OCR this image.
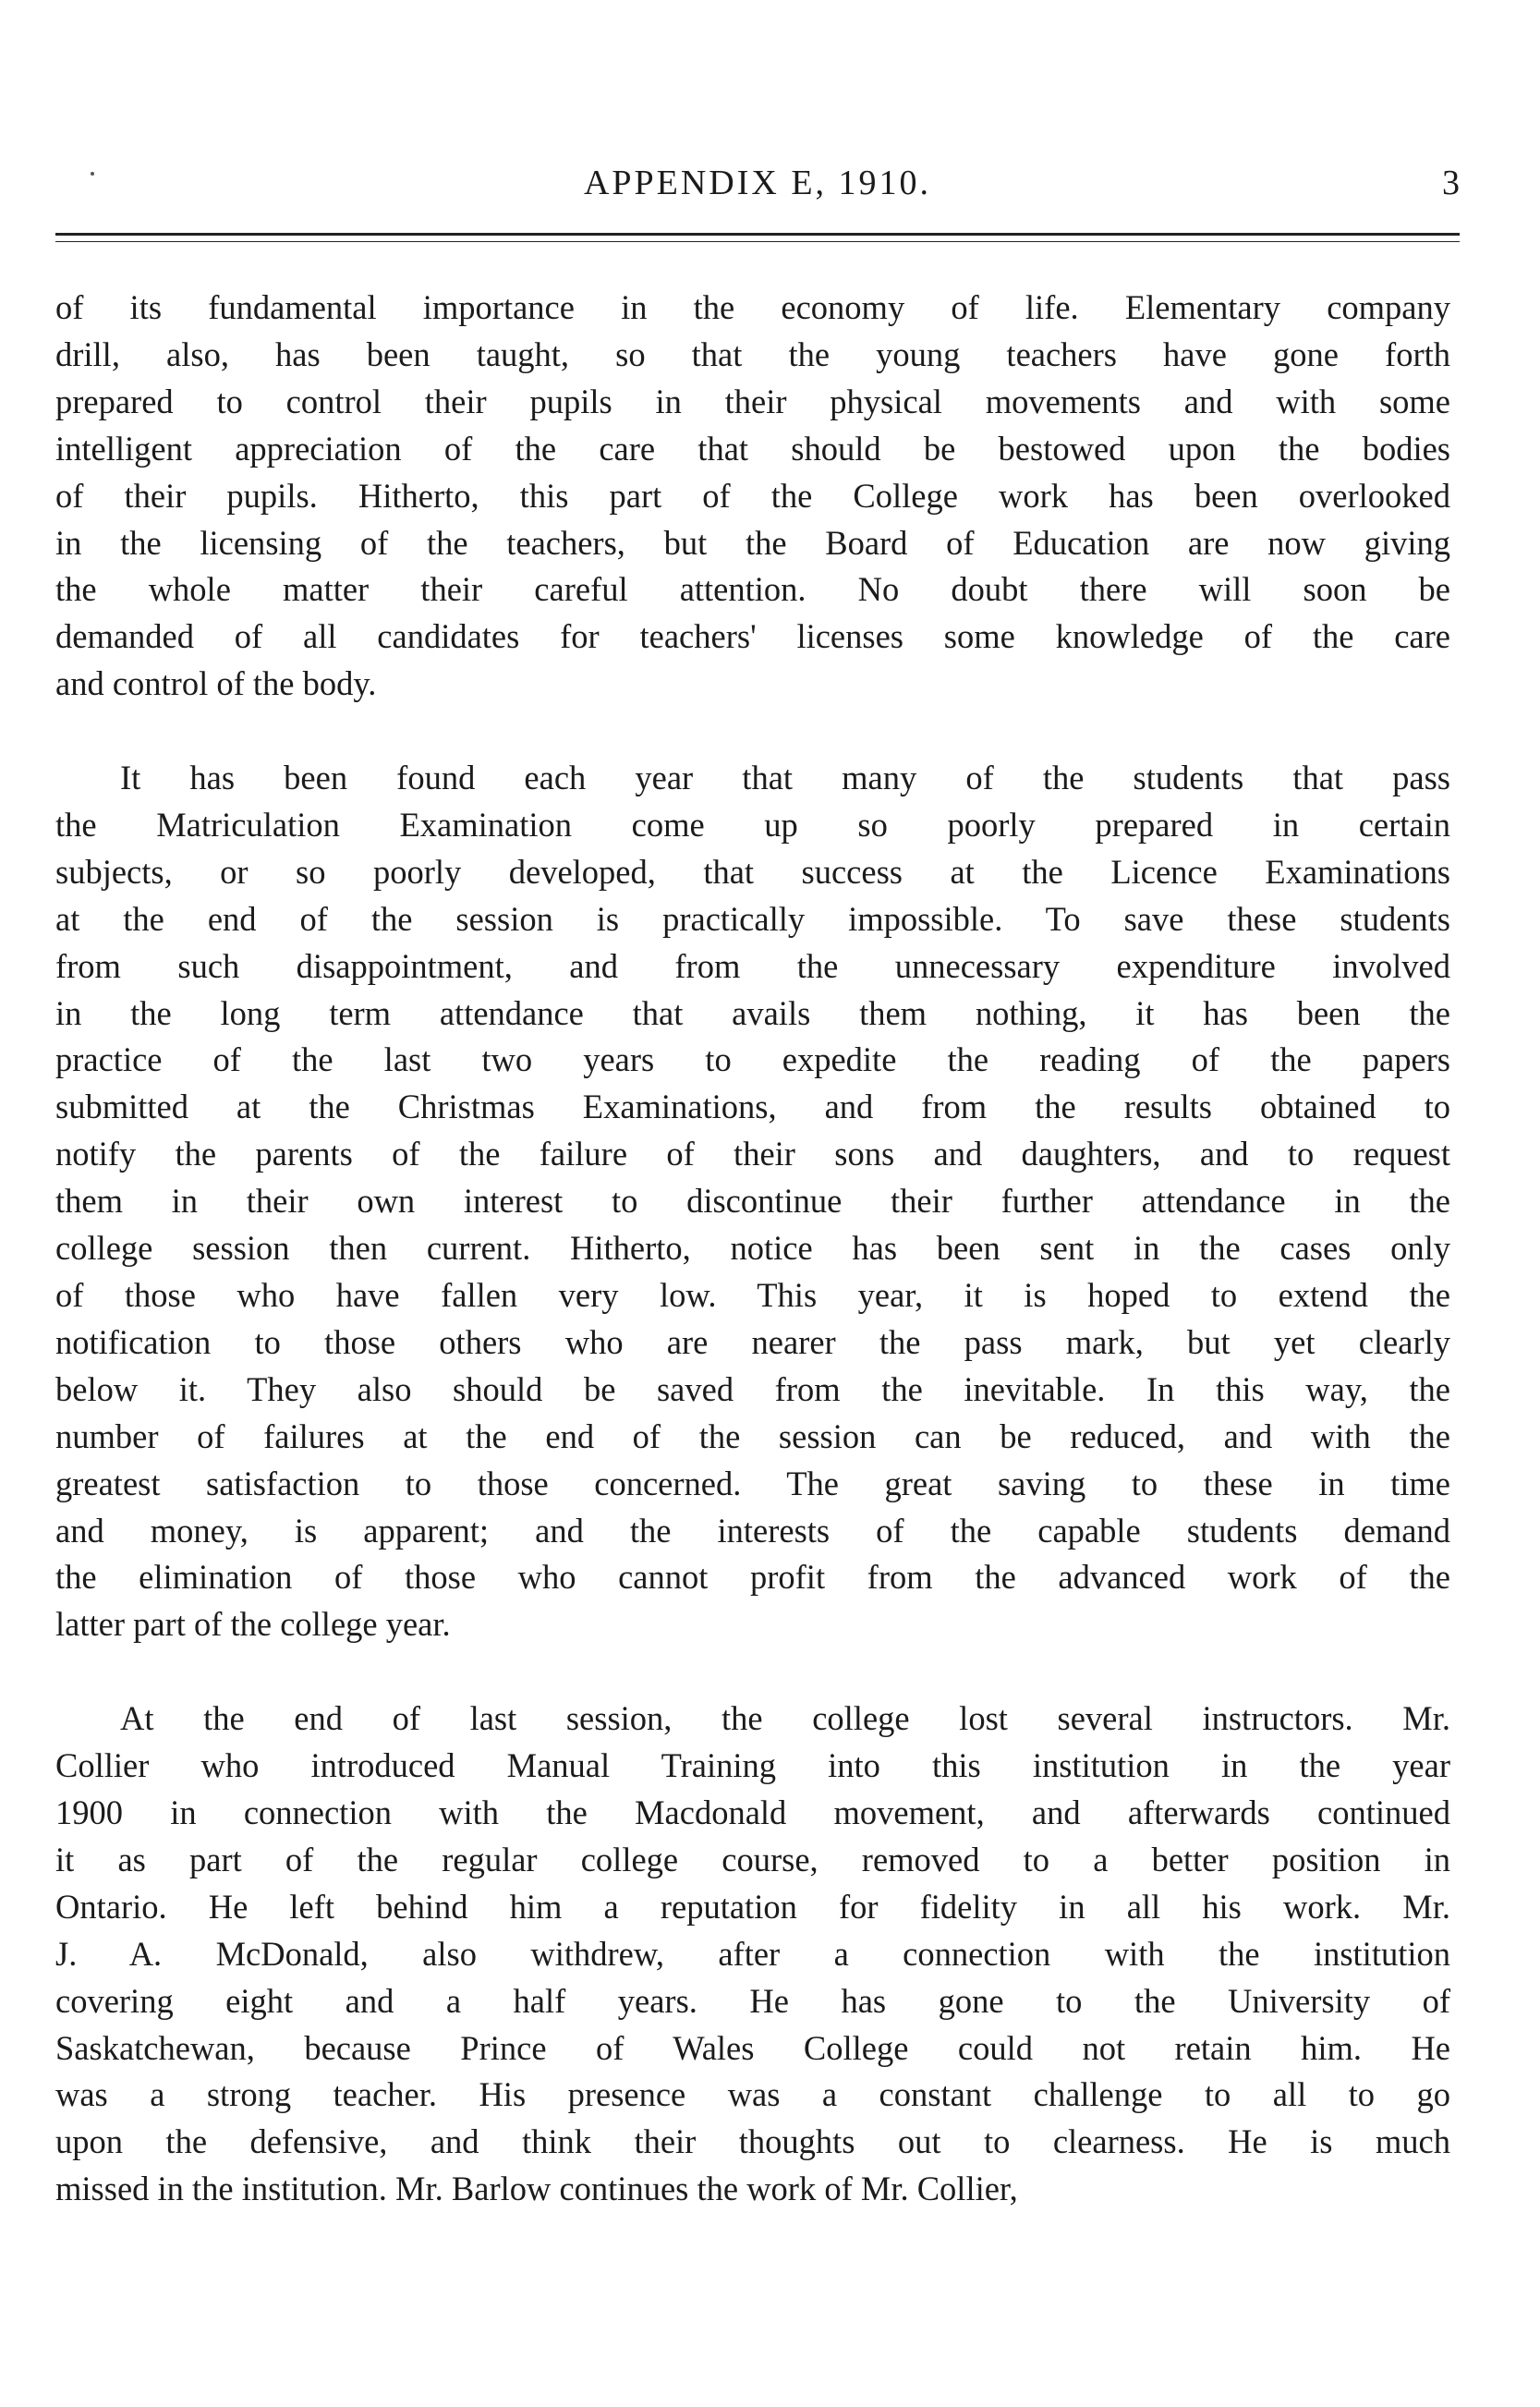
APPENDIX E, 1910.	3
of its fundamental importance in the economy of life. Elementary company
drill, also, has been taught, so that the young teachers have gone forth
prepared to control their pupils in their physical movements and with some
intelligent appreciation of the care that should be bestowed upon the bodies
of their pupils. Hitherto, this part of the College work has been overlooked
in the licensing of the teachers, but the Board of Education are now giving
the whole matter their careful attention. No doubt there will soon be
demanded of all candidates for teachers' licenses some knowledge of the care
and control of the body.
It has been found each year that many of the students that pass
the Matriculation Examination come up so poorly prepared in certain
subjects, or so poorly developed, that success at the Licence Examinations
at the end of the session is practically impossible. To save these students
from such disappointment, and from the unnecessary expenditure involved
in the long term attendance that avails them nothing, it has been the
practice of the last two years to expedite the reading of the papers
submitted at the Christmas Examinations, and from the results obtained to
notify the parents of the failure of their sons and daughters, and to request
them in their own interest to discontinue their further attendance in the
college session then current. Hitherto, notice has been sent in the cases only
of those who have fallen very low. This year, it is hoped to extend the
notification to those others who are nearer the pass mark, but yet clearly
below it. They also should be saved from the inevitable. In this way, the
number of failures at the end of the session can be reduced, and with the
greatest satisfaction to those concerned. The great saving to these in time
and money, is apparent; and the interests of the capable students demand
the elimination of those who cannot profit from the advanced work of the
latter part of the college year.
At the end of last session, the college lost several instructors. Mr.
Collier who introduced Manual Training into this institution in the year
1900 in connection with the Macdonald movement, and afterwards continued
it as part of the regular college course, removed to a better position in
Ontario. He left behind him a reputation for fidelity in all his work. Mr.
J. A. McDonald, also withdrew, after a connection with the institution
covering eight and a half years. He has gone to the University of
Saskatchewan, because Prince of Wales College could not retain him. He
was a strong teacher. His presence was a constant challenge to all to go
upon the defensive, and think their thoughts out to clearness. He is much
missed in the institution. Mr. Barlow continues the work of Mr. Collier,
